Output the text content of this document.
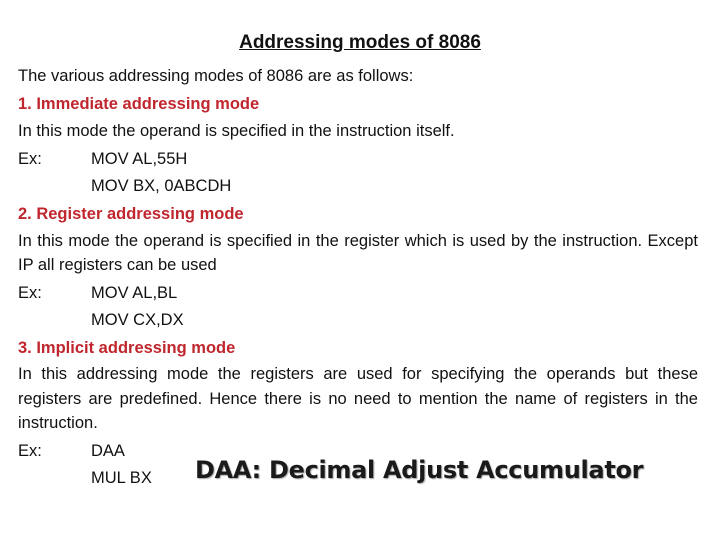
Addressing modes of 8086
The various addressing modes of 8086 are as follows:
1. Immediate addressing mode
In this mode the operand is specified in the instruction itself.
Ex:	MOV AL,55H
MOV BX, 0ABCDH
2. Register addressing mode
In this mode the operand is specified in the register which is used by the instruction. Except IP all registers can be used
Ex:	MOV AL,BL
MOV CX,DX
3. Implicit addressing mode
In this addressing mode the registers are used for specifying the operands but these registers are predefined. Hence there is no need to mention the name of registers in the instruction.
Ex:	DAA
MUL BX	DAA: Decimal Adjust Accumulator
